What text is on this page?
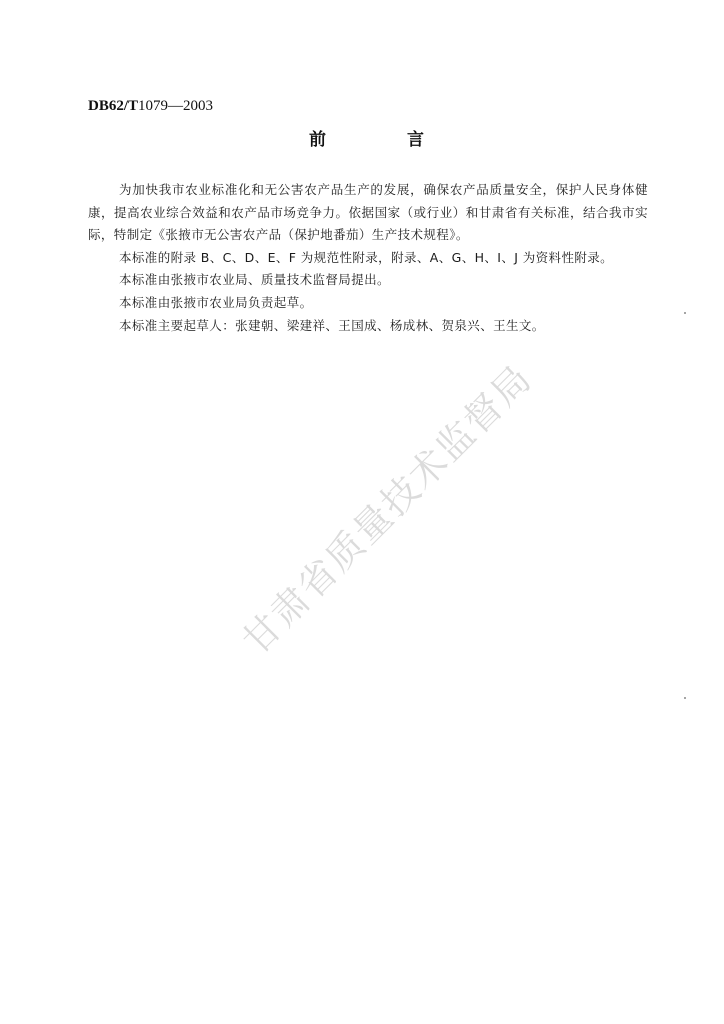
DB62/T1079—2003
前	言

为加快我市农业标准化和无公害农产品生产的发展，确保农产品质量安全，保护人民身体健康，提高农业综合效益和农产品市场竞争力。依据国家（或行业）和甘肃省有关标准，结合我市实际，特制定《张掖市无公害农产品（保护地番茄）生产技术规程》。

本标准的附录 B、C、D、E、F 为规范性附录，附录、A、G、H、I、J 为资料性附录。

本标准由张掖市农业局、质量技术监督局提出。

本标准由张掖市农业局负责起草。

本标准主要起草人：张建朝、梁建祥、王国成、杨成林、贺泉兴、王生文。

甘肃省质量技术监督局
